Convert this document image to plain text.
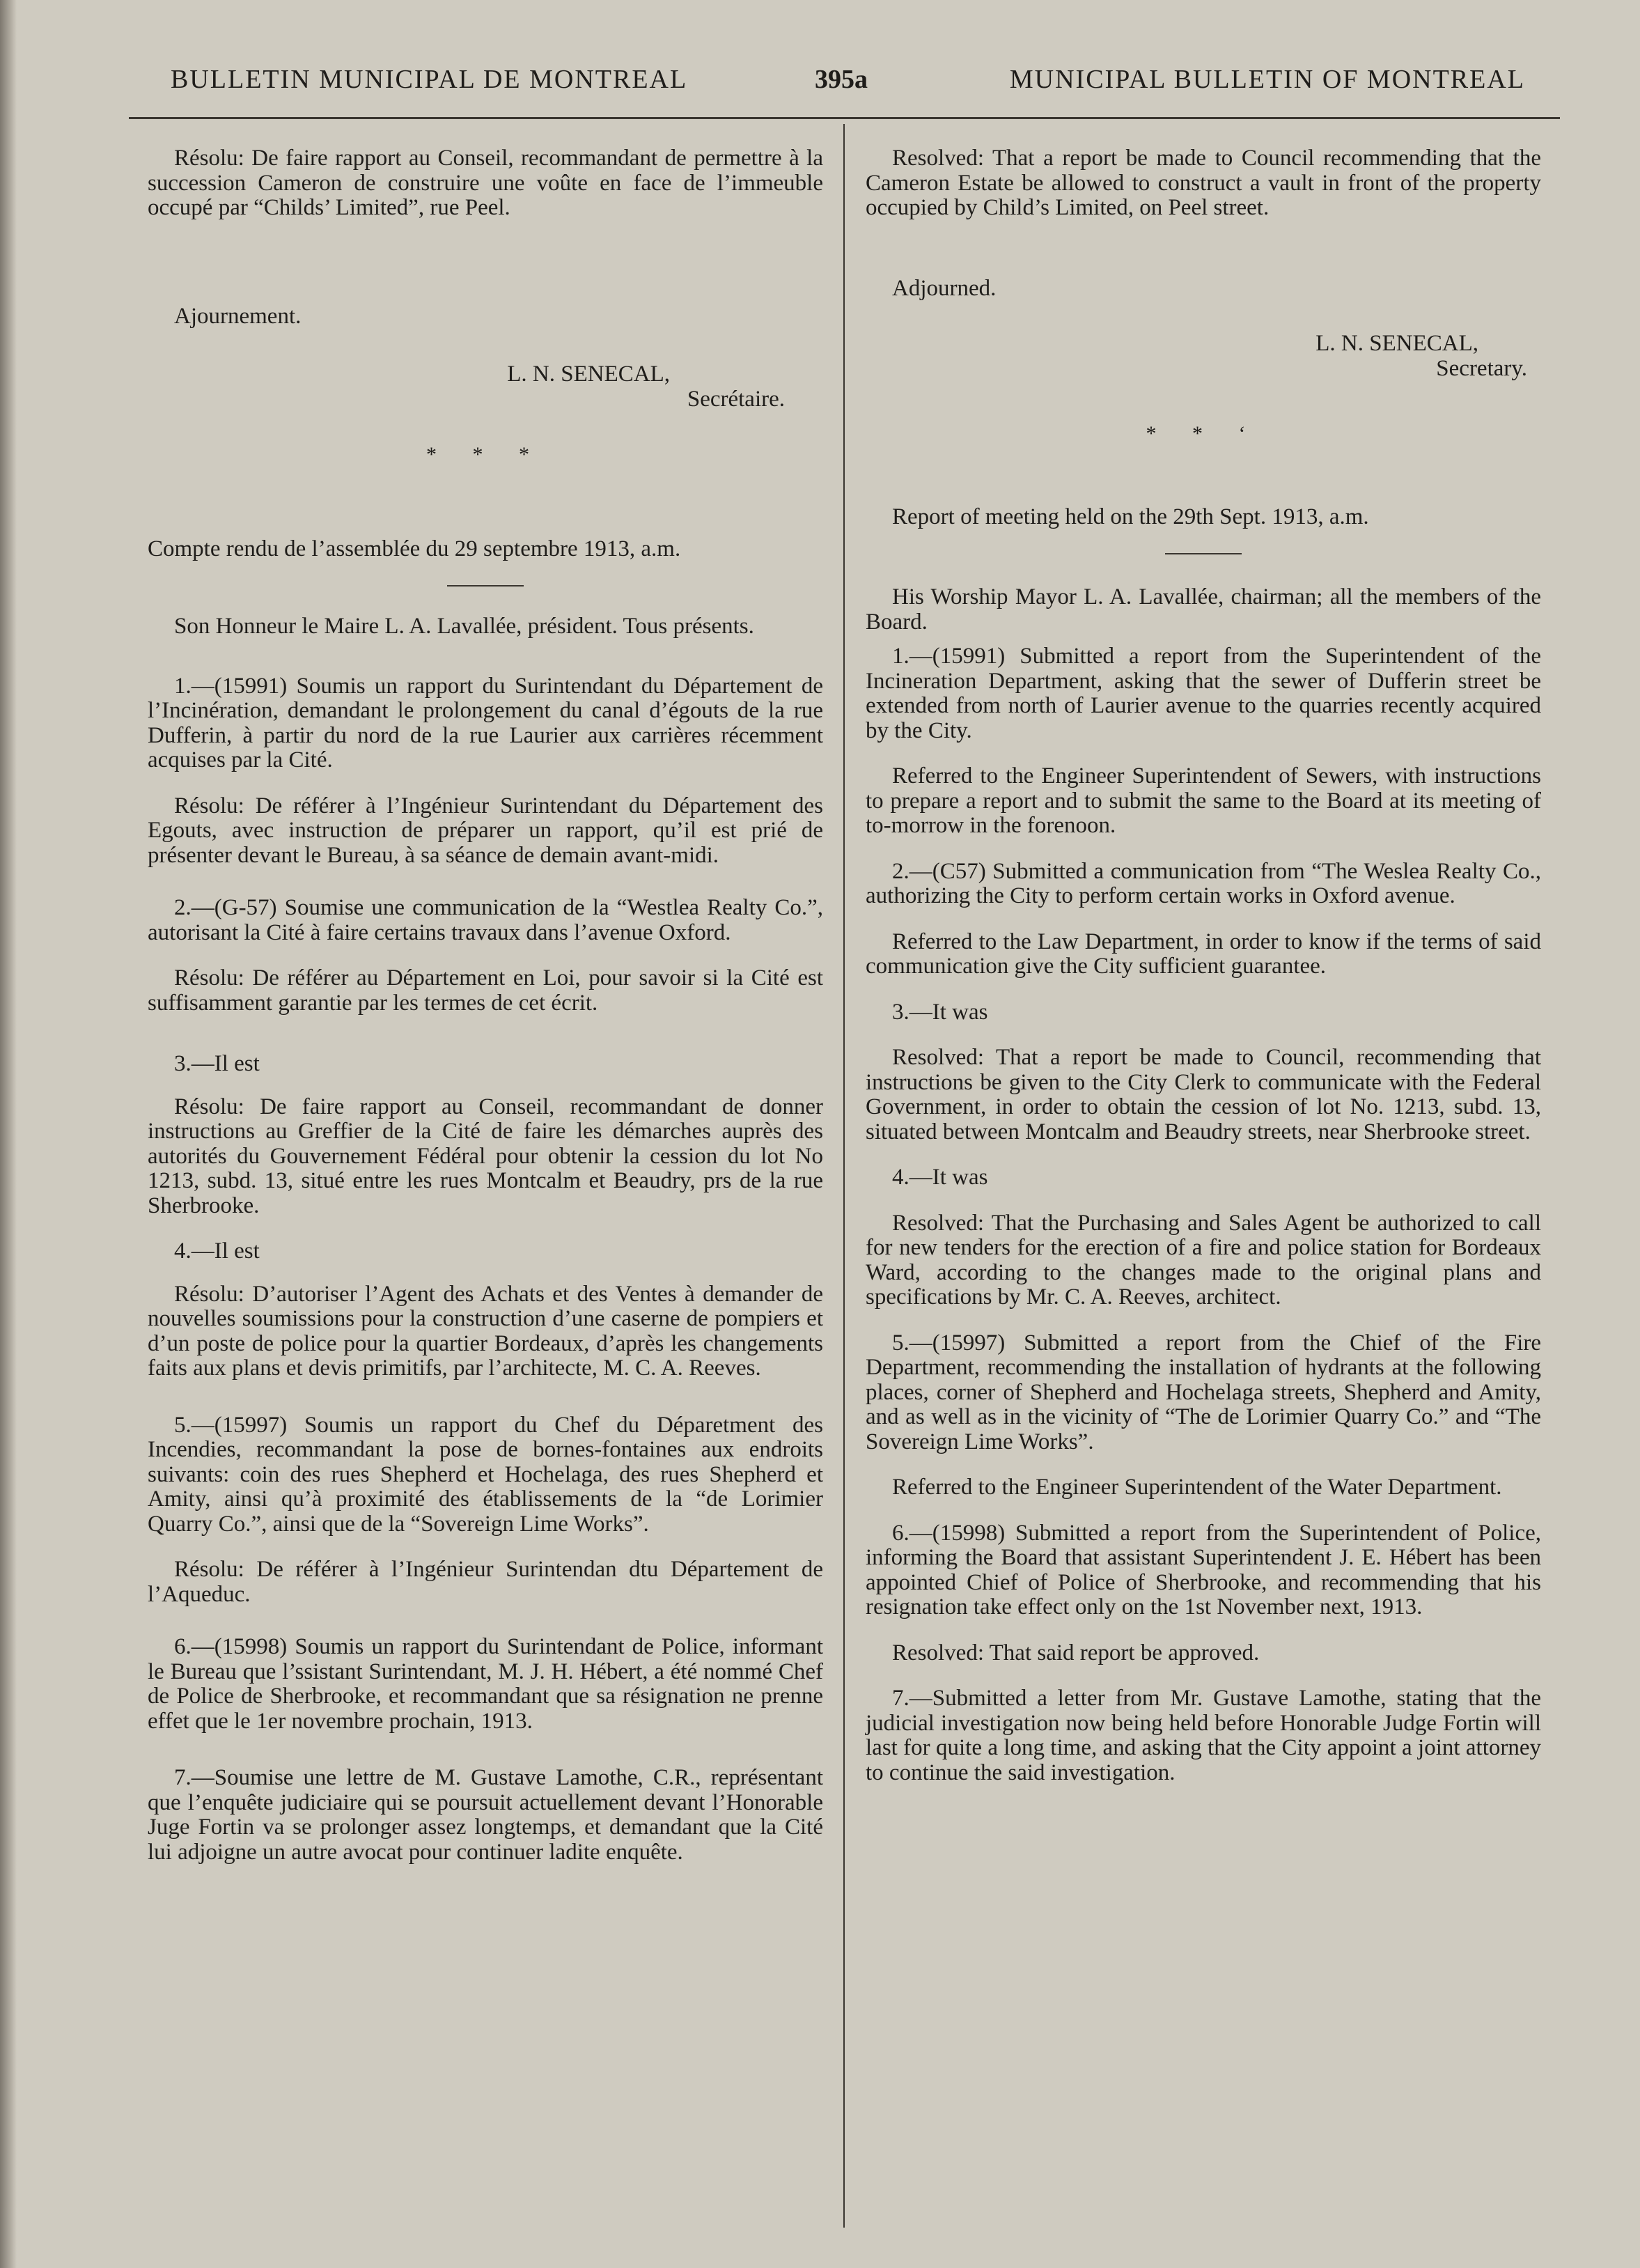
BULLETIN MUNICIPAL DE MONTREAL	395a	MUNICIPAL BULLETIN OF MONTREAL

Résolu: De faire rapport au Conseil, recommandant de permettre à la succession Cameron de construire une voûte en face de l’immeuble occupé par “Childs’ Limited”, rue Peel.

Ajournement.

L. N. SENECAL,

Secrétaire.

* * *

Compte rendu de l’assemblée du 29 septembre 1913, a.m.

Son Honneur le Maire L. A. Lavallée, président. Tous présents.

1.—(15991) Soumis un rapport du Surintendant du Département de l’Incinération, demandant le prolongement du canal d’égouts de la rue Dufferin, à partir du nord de la rue Laurier aux carrières récemment acquises par la Cité.

Résolu: De référer à l’Ingénieur Surintendant du Département des Egouts, avec instruction de préparer un rapport, qu’il est prié de présenter devant le Bureau, à sa séance de demain avant-midi.

2.—(G-57) Soumise une communication de la “Westlea Realty Co.”, autorisant la Cité à faire certains travaux dans l’avenue Oxford.

Résolu: De référer au Département en Loi, pour savoir si la Cité est suffisamment garantie par les termes de cet écrit.

3.—Il est

Résolu: De faire rapport au Conseil, recommandant de donner instructions au Greffier de la Cité de faire les démarches auprès des autorités du Gouvernement Fédéral pour obtenir la cession du lot No 1213, subd. 13, situé entre les rues Montcalm et Beaudry, prs de la rue Sherbrooke.

4.—Il est

Résolu: D’autoriser l’Agent des Achats et des Ventes à demander de nouvelles soumissions pour la construction d’une caserne de pompiers et d’un poste de police pour la quartier Bordeaux, d’après les changements faits aux plans et devis primitifs, par l’architecte, M. C. A. Reeves.

5.—(15997) Soumis un rapport du Chef du Déparetment des Incendies, recommandant la pose de bornes-fontaines aux endroits suivants: coin des rues Shepherd et Hochelaga, des rues Shepherd et Amity, ainsi qu’à proximité des établissements de la “de Lorimier Quarry Co.”, ainsi que de la “Sovereign Lime Works”.

Résolu: De référer à l’Ingénieur Surintendan dtu Département de l’Aqueduc.

6.—(15998) Soumis un rapport du Surintendant de Police, informant le Bureau que l’ssistant Surintendant, M. J. H. Hébert, a été nommé Chef de Police de Sherbrooke, et recommandant que sa résignation ne prenne effet que le 1er novembre prochain, 1913.

7.—Soumise une lettre de M. Gustave Lamothe, C.R., représentant que l’enquête judiciaire qui se poursuit actuellement devant l’Honorable Juge Fortin va se prolonger assez longtemps, et demandant que la Cité lui adjoigne un autre avocat pour continuer ladite enquête.

Resolved: That a report be made to Council recommending that the Cameron Estate be allowed to construct a vault in front of the property occupied by Child’s Limited, on Peel street.

Adjourned.

L. N. SENECAL,

Secretary.

* * ‘

Report of meeting held on the 29th Sept. 1913, a.m.

His Worship Mayor L. A. Lavallée, chairman; all the members of the Board.

1.—(15991) Submitted a report from the Superintendent of the Incineration Department, asking that the sewer of Dufferin street be extended from north of Laurier avenue to the quarries recently acquired by the City.

Referred to the Engineer Superintendent of Sewers, with instructions to prepare a report and to submit the same to the Board at its meeting of to-morrow in the forenoon.

2.—(C57) Submitted a communication from “The Weslea Realty Co., authorizing the City to perform certain works in Oxford avenue.

Referred to the Law Department, in order to know if the terms of said communication give the City sufficient guarantee.

3.—It was

Resolved: That a report be made to Council, recommending that instructions be given to the City Clerk to communicate with the Federal Government, in order to obtain the cession of lot No. 1213, subd. 13, situated between Montcalm and Beaudry streets, near Sherbrooke street.

4.—It was

Resolved: That the Purchasing and Sales Agent be authorized to call for new tenders for the erection of a fire and police station for Bordeaux Ward, according to the changes made to the original plans and specifications by Mr. C. A. Reeves, architect.

5.—(15997) Submitted a report from the Chief of the Fire Department, recommending the installation of hydrants at the following places, corner of Shepherd and Hochelaga streets, Shepherd and Amity, and as well as in the vicinity of “The de Lorimier Quarry Co.” and “The Sovereign Lime Works”.

Referred to the Engineer Superintendent of the Water Department.

6.—(15998) Submitted a report from the Superintendent of Police, informing the Board that assistant Superintendent J. E. Hébert has been appointed Chief of Police of Sherbrooke, and recommending that his resignation take effect only on the 1st November next, 1913.

Resolved: That said report be approved.

7.—Submitted a letter from Mr. Gustave Lamothe, stating that the judicial investigation now being held before Honorable Judge Fortin will last for quite a long time, and asking that the City appoint a joint attorney to continue the said investigation.
